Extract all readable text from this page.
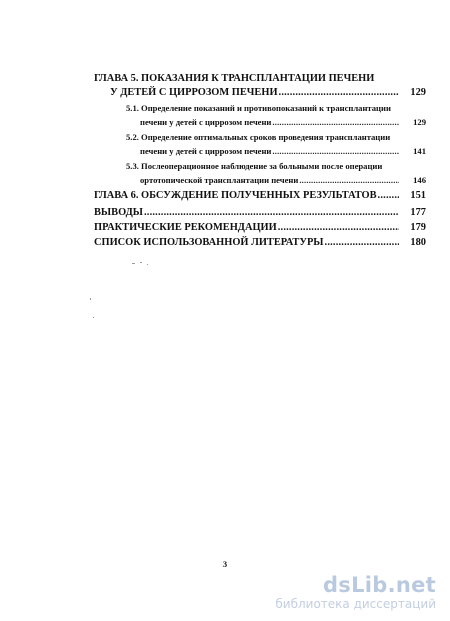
ГЛАВА 5. ПОКАЗАНИЯ К ТРАНСПЛАНТАЦИИ ПЕЧЕНИ
У ДЕТЕЙ С ЦИРРОЗОМ ПЕЧЕНИ .....	129
5.1. Определение показаний и противопоказаний к трансплантации
печени у детей с циррозом печени .....	129
5.2. Определение оптимальных сроков проведения трансплантации
печени у детей с циррозом печени .....	141
5.3. Послеоперационное наблюдение за больными после операции
ортотопической трансплантации печени .....	146
ГЛАВА 6. ОБСУЖДЕНИЕ ПОЛУЧЕННЫХ РЕЗУЛЬТАТОВ .....	151
ВЫВОДЫ .....	177
ПРАКТИЧЕСКИЕ РЕКОМЕНДАЦИИ .....	179
СПИСОК ИСПОЛЬЗОВАННОЙ ЛИТЕРАТУРЫ .....	180
3
dsLib.net
библиотека диссертаций
